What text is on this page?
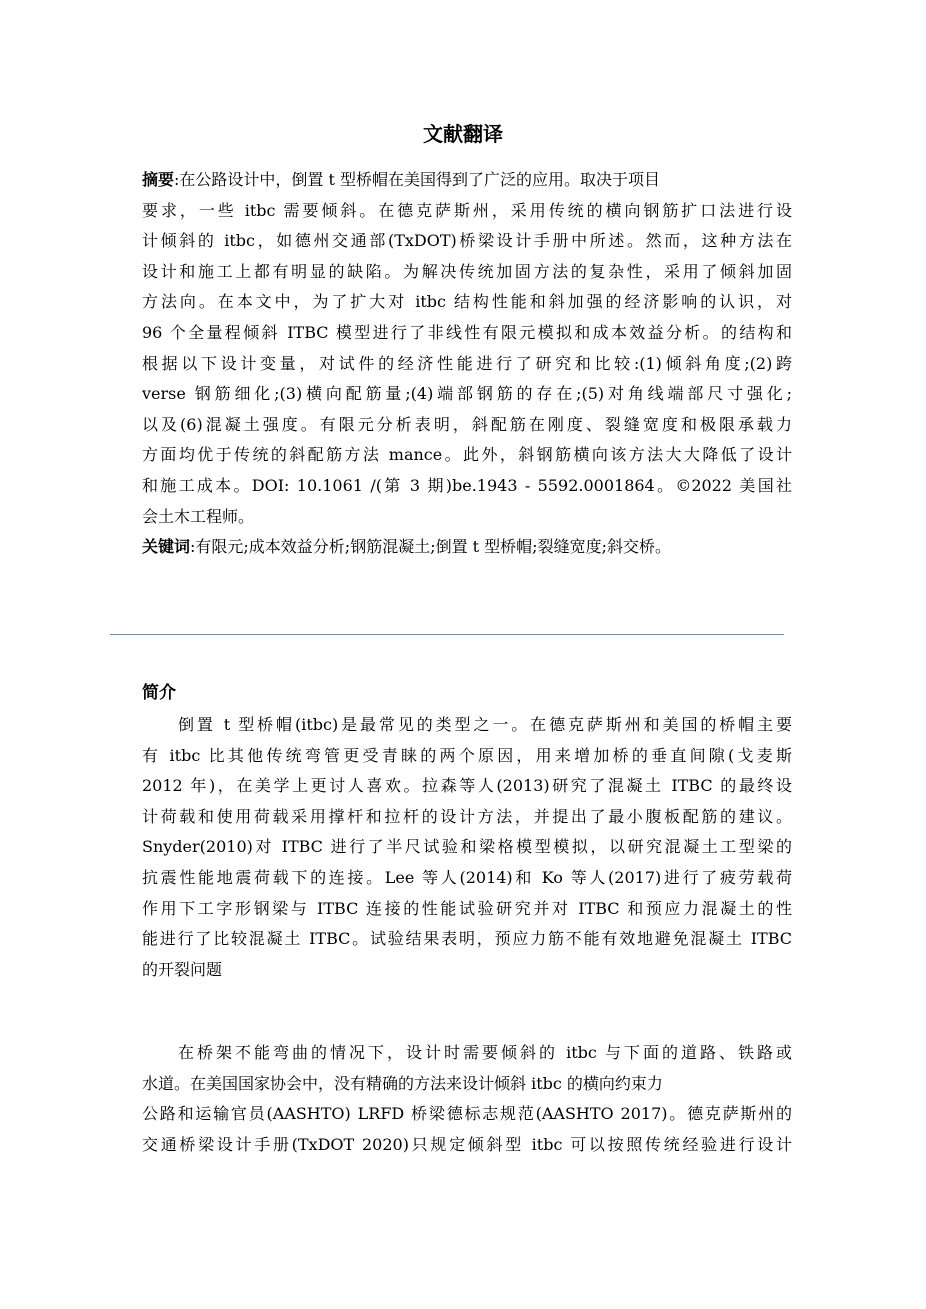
文献翻译
摘要:在公路设计中，倒置 t 型桥帽在美国得到了广泛的应用。取决于项目
要求，一些 itbc 需要倾斜。在德克萨斯州，采用传统的横向钢筋扩口法进行设
计倾斜的 itbc，如德州交通部(TxDOT)桥梁设计手册中所述。然而，这种方法在
设计和施工上都有明显的缺陷。为解决传统加固方法的复杂性，采用了倾斜加固
方法向。在本文中，为了扩大对 itbc 结构性能和斜加强的经济影响的认识，对
96 个全量程倾斜 ITBC 模型进行了非线性有限元模拟和成本效益分析。的结构和
根据以下设计变量，对试件的经济性能进行了研究和比较:(1)倾斜角度;(2)跨
verse 钢筋细化;(3)横向配筋量;(4)端部钢筋的存在;(5)对角线端部尺寸强化;
以及(6)混凝土强度。有限元分析表明，斜配筋在刚度、裂缝宽度和极限承载力
方面均优于传统的斜配筋方法 mance。此外，斜钢筋横向该方法大大降低了设计
和施工成本。DOI: 10.1061 /(第 3 期)be.1943 - 5592.0001864。©2022 美国社
会土木工程师。
关键词:有限元;成本效益分析;钢筋混凝土;倒置 t 型桥帽;裂缝宽度;斜交桥。
简介
倒置 t 型桥帽(itbc)是最常见的类型之一。在德克萨斯州和美国的桥帽主要
有 itbc 比其他传统弯管更受青睐的两个原因，用来增加桥的垂直间隙(戈麦斯
2012 年)，在美学上更讨人喜欢。拉森等人(2013)研究了混凝土 ITBC 的最终设
计荷载和使用荷载采用撑杆和拉杆的设计方法，并提出了最小腹板配筋的建议。
Snyder(2010)对 ITBC 进行了半尺试验和梁格模型模拟，以研究混凝土工型梁的
抗震性能地震荷载下的连接。Lee 等人(2014)和 Ko 等人(2017)进行了疲劳载荷
作用下工字形钢梁与 ITBC 连接的性能试验研究并对 ITBC 和预应力混凝土的性
能进行了比较混凝土 ITBC。试验结果表明，预应力筋不能有效地避免混凝土 ITBC
的开裂问题
在桥架不能弯曲的情况下，设计时需要倾斜的 itbc 与下面的道路、铁路或
水道。在美国国家协会中，没有精确的方法来设计倾斜 itbc 的横向约束力
公路和运输官员(AASHTO) LRFD 桥梁德标志规范(AASHTO 2017)。德克萨斯州的
交通桥梁设计手册(TxDOT 2020)只规定倾斜型 itbc 可以按照传统经验进行设计
